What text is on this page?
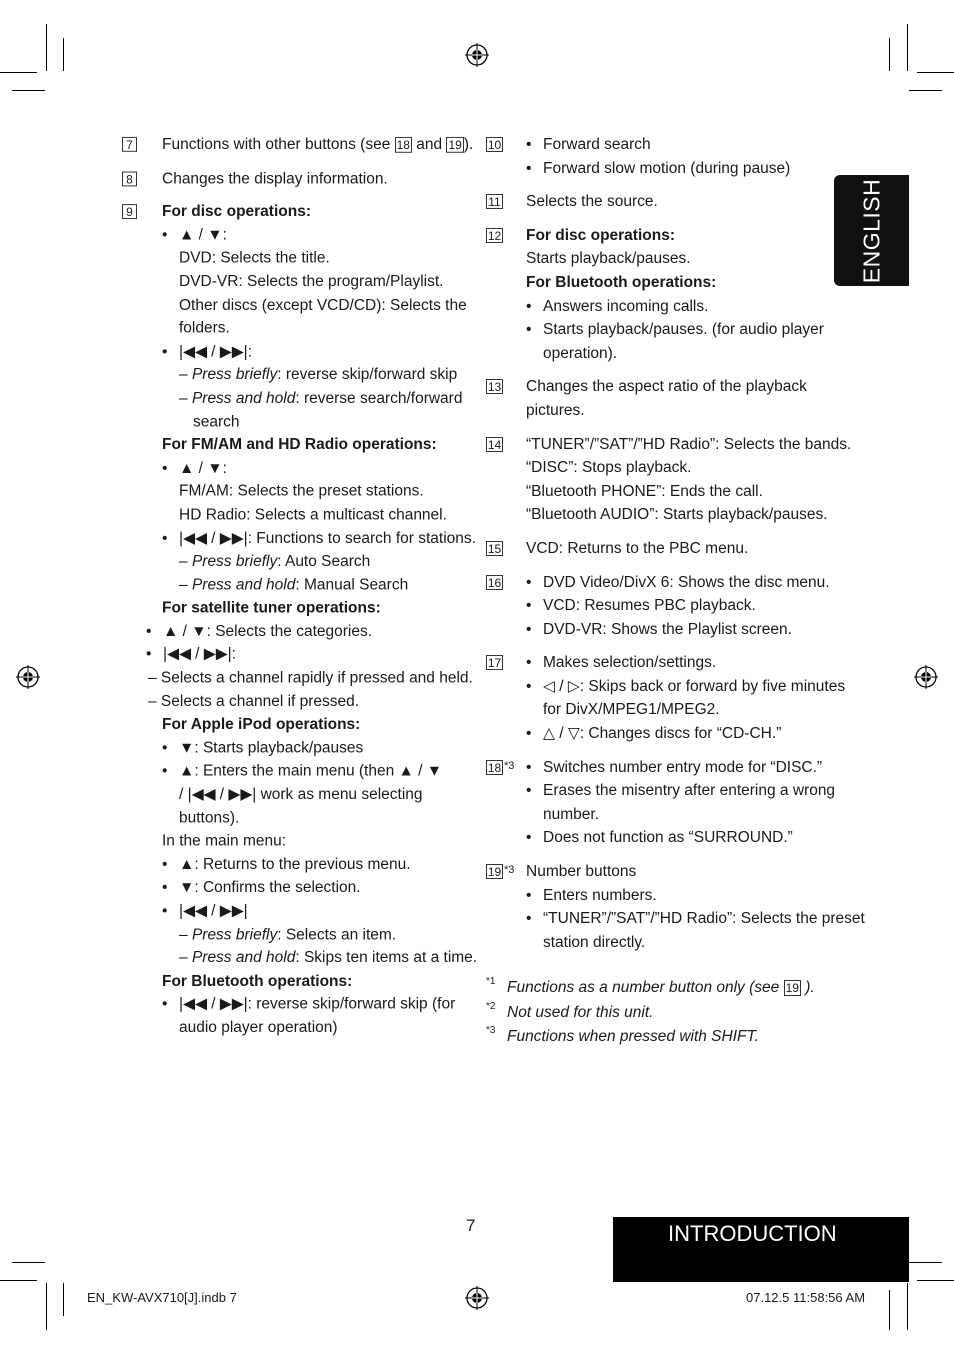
ENGLISH
7 Functions with other buttons (see 18 and 19 ).
8 Changes the display information.
9 For disc operations:
• ▲ / ▼:
DVD: Selects the title.
DVD-VR: Selects the program/Playlist.
Other discs (except VCD/CD): Selects the
folders.
• |◀◀ / ▶▶|:
– Press briefly: reverse skip/forward skip
– Press and hold: reverse search/forward
search
For FM/AM and HD Radio operations:
• ▲ / ▼:
FM/AM: Selects the preset stations.
HD Radio: Selects a multicast channel.
• |◀◀ / ▶▶|: Functions to search for stations.
– Press briefly: Auto Search
– Press and hold: Manual Search
For satellite tuner operations:
• ▲ / ▼: Selects the categories.
• |◀◀ / ▶▶|:
– Selects a channel rapidly if pressed and held.
– Selects a channel if pressed.
For Apple iPod operations:
• ▼: Starts playback/pauses
• ▲: Enters the main menu (then ▲ / ▼
/ |◀◀ / ▶▶| work as menu selecting
buttons).
In the main menu:
• ▲: Returns to the previous menu.
• ▼: Confirms the selection.
• |◀◀ / ▶▶|
– Press briefly: Selects an item.
– Press and hold: Skips ten items at a time.
For Bluetooth operations:
• |◀◀ / ▶▶|: reverse skip/forward skip (for
audio player operation)
10	• Forward search
• Forward slow motion (during pause)
11 Selects the source.
12 For disc operations:
Starts playback/pauses.
For Bluetooth operations:
• Answers incoming calls.
• Starts playback/pauses. (for audio player
operation).
13 Changes the aspect ratio of the playback
pictures.
14 “TUNER”/”SAT”/”HD Radio”: Selects the bands.
“DISC”: Stops playback.
“Bluetooth PHONE”: Ends the call.
“Bluetooth AUDIO”: Starts playback/pauses.
15 VCD: Returns to the PBC menu.
16	• DVD Video/DivX 6: Shows the disc menu.
• VCD: Resumes PBC playback.
• DVD-VR: Shows the Playlist screen.
17	• Makes selection/settings.
• ◁ / ▷: Skips back or forward by five minutes
for DivX/MPEG1/MPEG2.
• △ / ▽: Changes discs for “CD-CH.”
18 *3	• Switches number entry mode for “DISC.”
• Erases the misentry after entering a wrong
number.
• Does not function as “SURROUND.”
19 *3 Number buttons
• Enters numbers.
• “TUNER”/”SAT”/”HD Radio”: Selects the preset
station directly.
*1 Functions as a number button only (see 19 ).
*2 Not used for this unit.
*3 Functions when pressed with SHIFT.
7	INTRODUCTION
EN_KW-AVX710[J].indb 7	07.12.5 11:58:56 AM
